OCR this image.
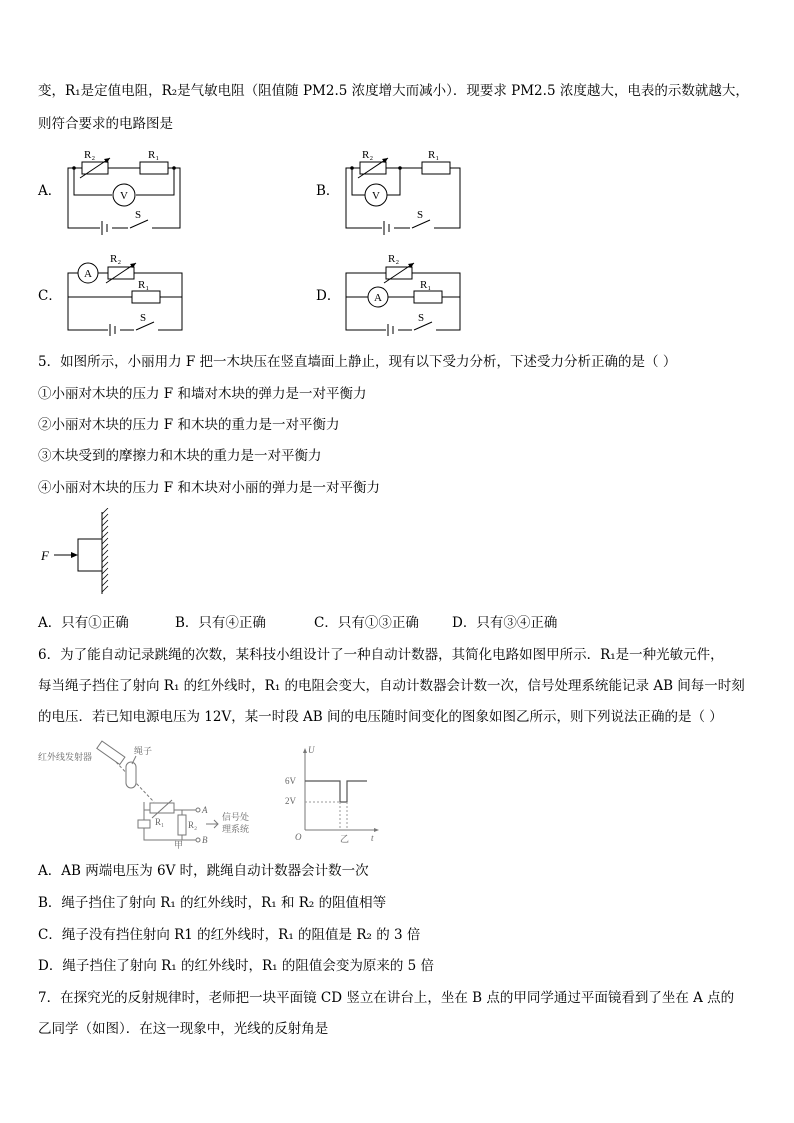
变，R₁是定值电阻，R₂是气敏电阻（阻值随 PM2.5 浓度增大而减小）．现要求 PM2.5 浓度越大，电表的示数就越大，
则符合要求的电路图是
A．	B．
C．	D．
V
R₂	R₁
S
V
R₂	R₁
S
A
R₂
R₁
S
R₂
A
R₁
S
5．如图所示，小丽用力 F 把一木块压在竖直墙面上静止，现有以下受力分析，下述受力分析正确的是（ ）
①小丽对木块的压力 F 和墙对木块的弹力是一对平衡力
②小丽对木块的压力 F 和木块的重力是一对平衡力
③木块受到的摩擦力和木块的重力是一对平衡力
④小丽对木块的压力 F 和木块对小丽的弹力是一对平衡力
F
A．只有①正确	B．只有④正确	C．只有①③正确 D．只有③④正确
6．为了能自动记录跳绳的次数，某科技小组设计了一种自动计数器，其简化电路如图甲所示．R₁是一种光敏元件，
每当绳子挡住了射向 R₁ 的红外线时，R₁ 的电阻会变大，自动计数器会计数一次，信号处理系统能记录 AB 间每一时刻
的电压．若已知电源电压为 12V，某一时段 AB 间的电压随时间变化的图象如图乙所示，则下列说法正确的是（ ）
红外线发射器
绳子
R₁	R₂
A
B
信号处
理系统
甲
U
t
O
6V
2V
乙
A．AB 两端电压为 6V 时，跳绳自动计数器会计数一次
B．绳子挡住了射向 R₁ 的红外线时，R₁ 和 R₂ 的阻值相等
C．绳子没有挡住射向 R1 的红外线时，R₁ 的阻值是 R₂ 的 3 倍
D．绳子挡住了射向 R₁ 的红外线时，R₁ 的阻值会变为原来的 5 倍
7．在探究光的反射规律时，老师把一块平面镜 CD 竖立在讲台上，坐在 B 点的甲同学通过平面镜看到了坐在 A 点的
乙同学（如图）．在这一现象中，光线的反射角是
